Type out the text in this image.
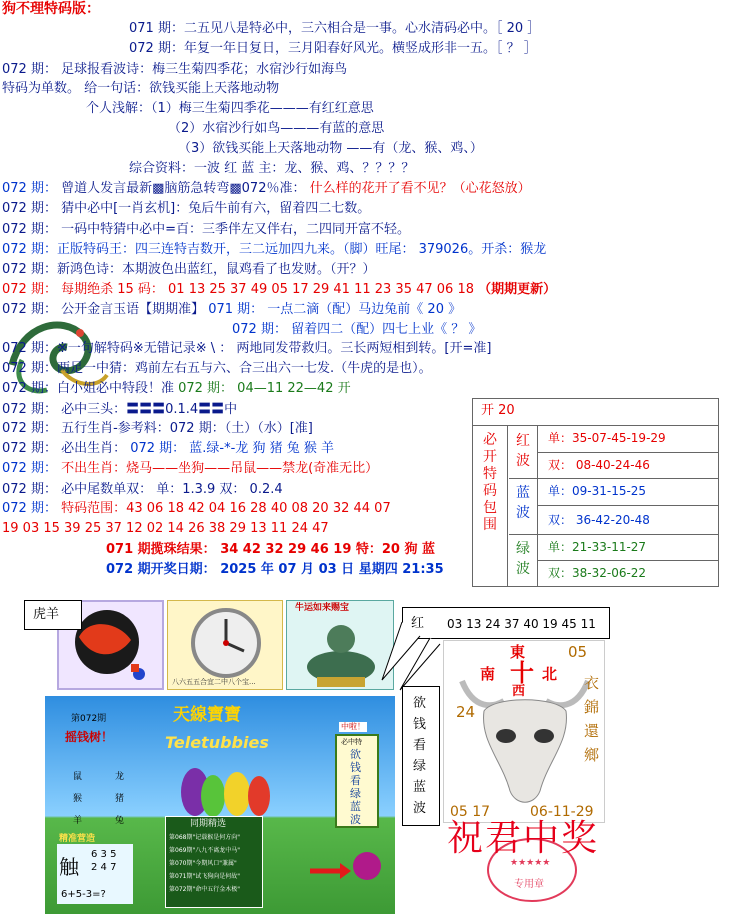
狗不理特码版：
071 期：二五见八是特必中，三六相合是一事。心水清码必中。［ 20 ］
072 期：年复一年日复日，三月阳春好风光。横竖成形非一五。［ ？ ］
072 期： 足球报看波诗：梅三生菊四季花；水宿沙行如海鸟
特码为单数。 给一句话：欲钱买能上天落地动物
个人浅解：（1）梅三生菊四季花———有红红意思
（2）水宿沙行如鸟———有蓝的意思
（3）欲钱买能上天落地动物 ——有（龙、猴、鸡、）
综合资料：一波 红 蓝 主：龙、猴、鸡、？？？？
072 期： 曾道人发言最新▩脑筋急转弯▩072％准： 什么样的花开了看不见？（心花怒放）
072 期： 猜中必中[一肖玄机]：兔后牛前有六，留着四二七数。
072 期： 一码中特猜中必中=百：三季伴左又伴右，二四同开富不轻。
072 期：正版特码王：四三连特吉数开，三二远加四九来。（脚）旺尾： 379026。开杀：猴龙
072 期：新鸿色诗：本期波色出蓝红，鼠鸡看了也发财。（开？）
072 期： 每期绝杀 15 码： 01 13 25 37 49 05 17 29 41 11 23 35 47 06 18 （期期更新）
072 期： 公开金言玉语【期期准】 071 期： 一点二滴（配）马边兔前《 20 》
072 期： 留着四二（配）四七上业《 ？ 》
072 期：※一句解特码※无错记录※ \ ： 两地同发带救归。三长两短相到转。[开=准]
072 期：两足一中猜：鸡前左右五与六、合三出六一七发.（牛虎的是也）。
072 期：白小姐必中特段！准 072 期： 04—11 22—42 开
072 期： 必中三头：〓〓〓0.1.4〓〓中
072 期： 五行生肖-参考料：072 期：（土）（水）[准]
072 期： 必出生肖： 072 期： 蓝.绿-*-龙 狗 猪 兔 猴 羊
072 期： 不出生肖：烧马——坐狗——吊鼠——禁龙(奇准无比）
072 期： 必中尾数单双： 单：1.3.9 双： 0.2.4
072 期： 特码范围：43 06 18 42 04 16 28 40 08 20 32 44 07
19 03 15 39 25 37 12 02 14 26 38 29 13 11 24 47
071 期揽珠结果： 34 42 32 29 46 19 特：20 狗 蓝
072 期开奖日期： 2025 年 07 月 03 日 星期四 21:35
开 20
必
开
特
码
包
围
红
波
单：35-07-45-19-29
双： 08-40-24-46
蓝
波
单：09-31-15-25
双： 36-42-20-48
绿
波
单：21-33-11-27
双：38-32-06-22
八六五五合宜二中八个宝...
牛运如来赐宝
虎羊
红 03 13 24 37 40 19 45 11
欲
钱
看
绿
蓝
波
第072期
摇钱树！
天線寶寶
Teletubbies
中啦！
鼠
猴
羊
龙
猪
兔
必中特
欲
钱
看
绿
蓝
波
精准营造
触
6 3 5
2 4 7
6+5-3=?
同期精选
第068期"记载猴是何方向"
第069期"八九不离龙中马"
第070期"今期风口"兼属"
第071期"试飞狗向是何故"
第072期"命中五行金木极"
東
南 十 北
西
05
衣
錦
還
鄉
24
05 17	06-11-29
★★★★★
专用章
祝君中奖
